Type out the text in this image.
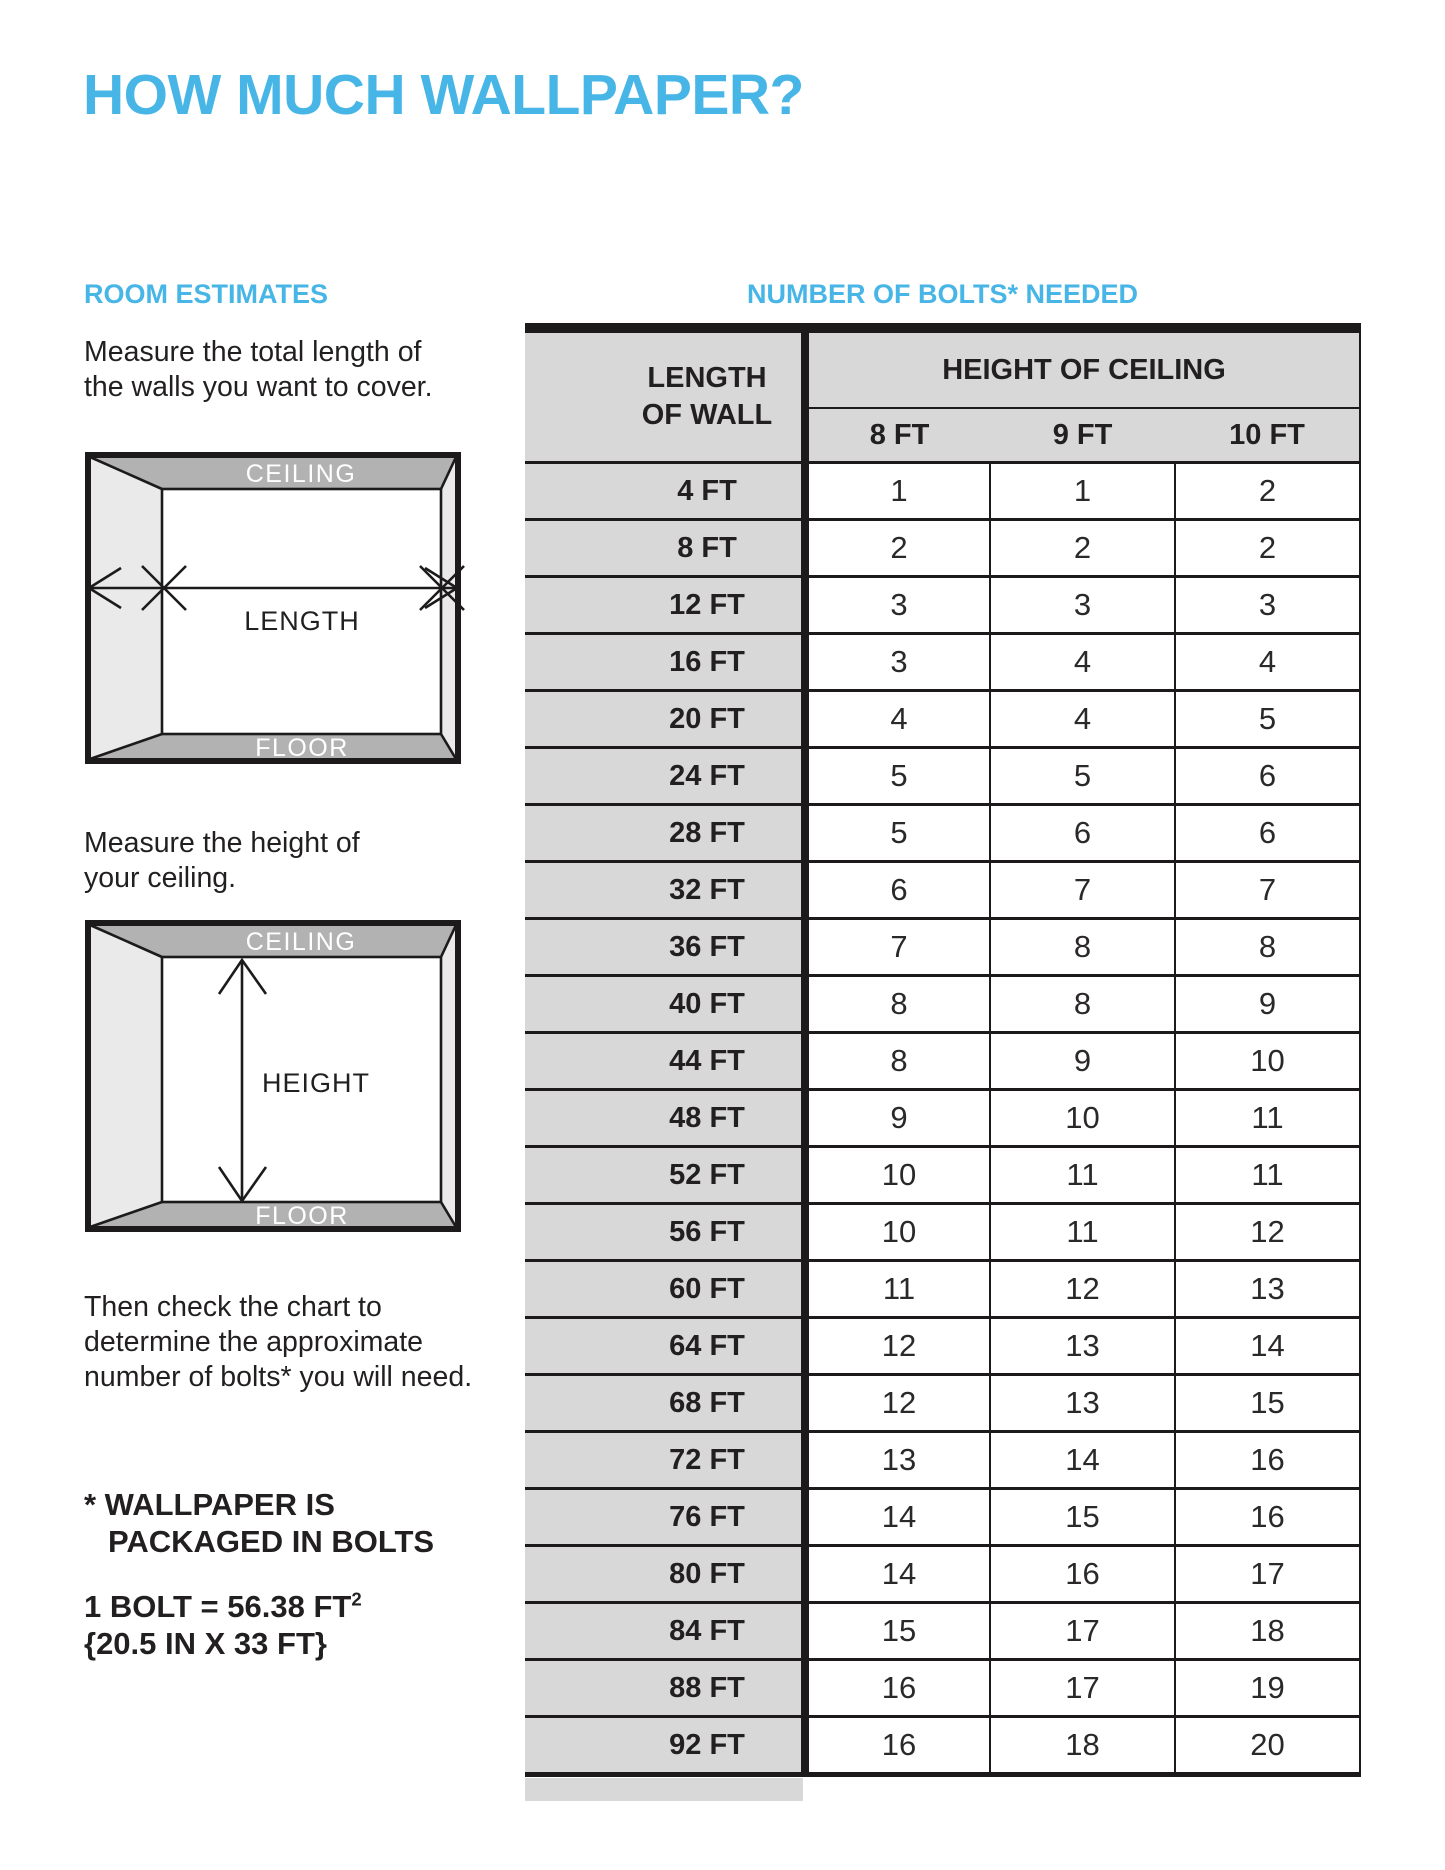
HOW MUCH WALLPAPER?
ROOM ESTIMATES	NUMBER OF BOLTS* NEEDED
Measure the total length of
the walls you want to cover.
CEILING
FLOOR
LENGTH
Measure the height of
your ceiling.
CEILING
FLOOR
HEIGHT
Then check the chart to
determine the approximate
number of bolts* you will need.
* WALLPAPER IS
PACKAGED IN BOLTS
1 BOLT = 56.38 $FT^2$
{20.5 IN X 33 FT}
LENGTH
OF WALL	HEIGHT OF CEILING		
	8 FT	9 FT	10 FT
4 FT	1	1	2
8 FT	2	2	2
12 FT	3	3	3
16 FT	3	4	4
20 FT	4	4	5
24 FT	5	5	6
28 FT	5	6	6
32 FT	6	7	7
36 FT	7	8	8
40 FT	8	8	9
44 FT	8	9	10
48 FT	9	10	11
52 FT	10	11	11
56 FT	10	11	12
60 FT	11	12	13
64 FT	12	13	14
68 FT	12	13	15
72 FT	13	14	16
76 FT	14	15	16
80 FT	14	16	17
84 FT	15	17	18
88 FT	16	17	19
92 FT	16	18	20
